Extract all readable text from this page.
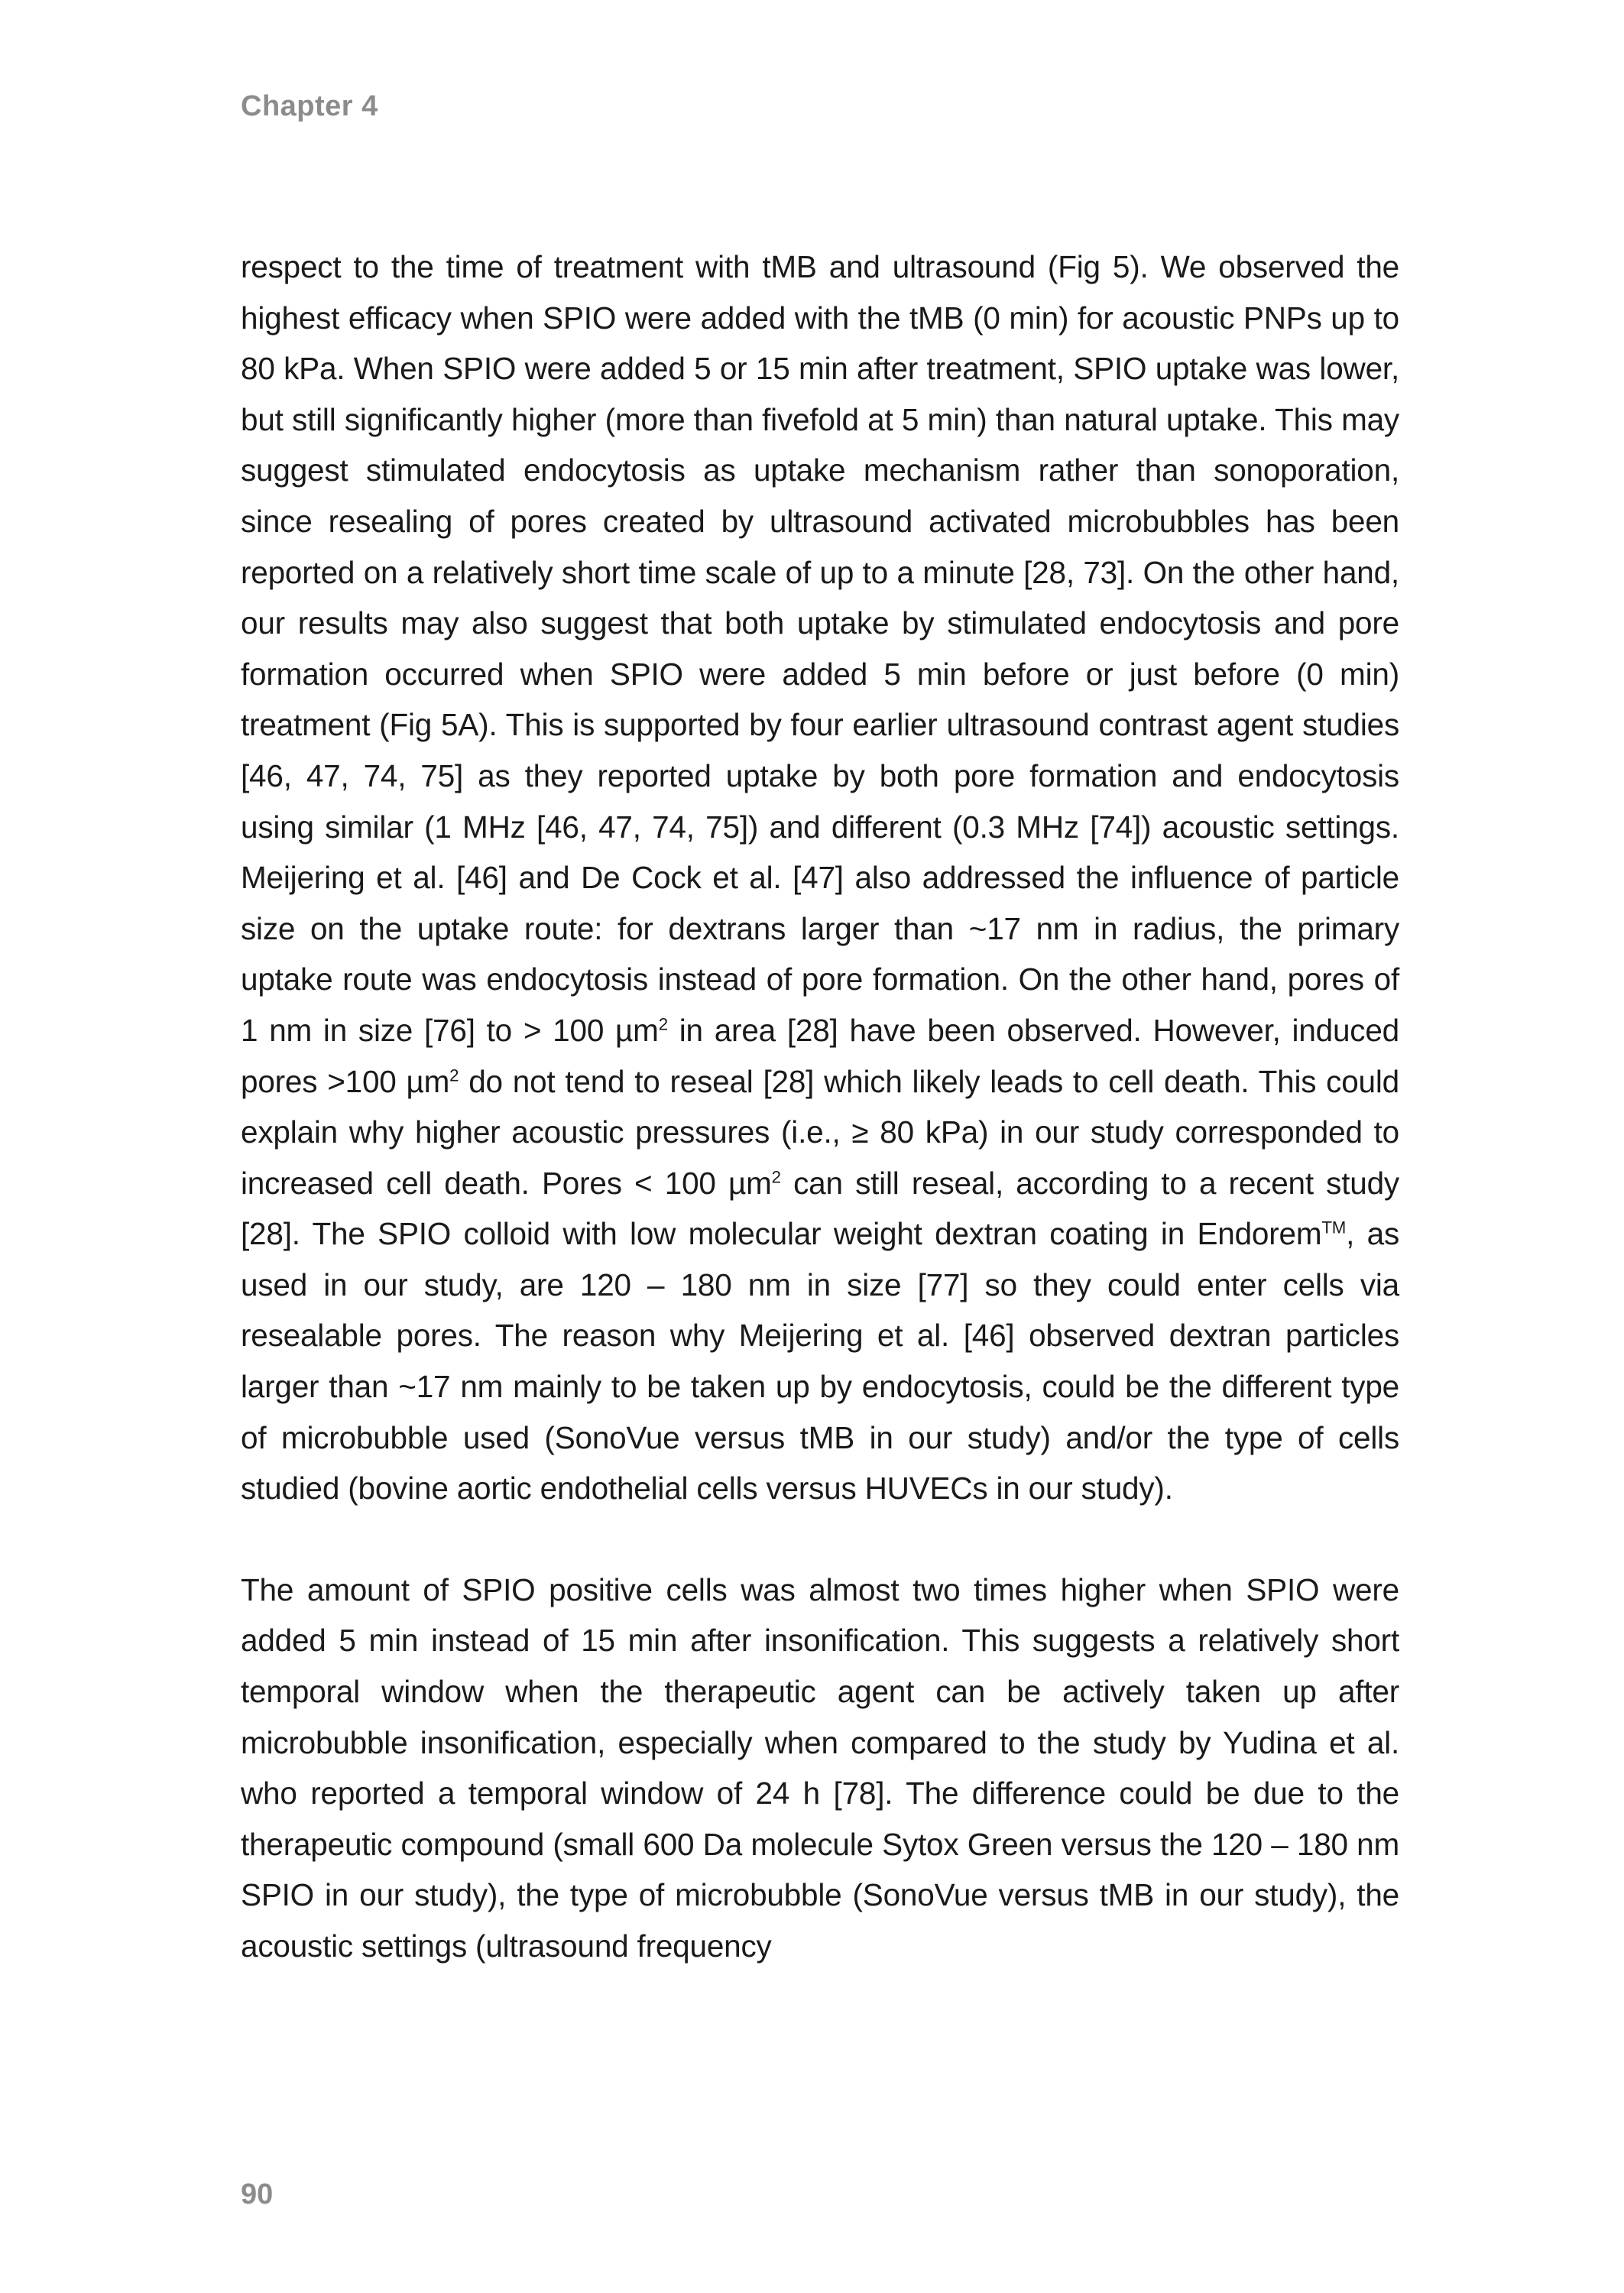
Chapter 4

respect to the time of treatment with tMB and ultrasound (Fig 5). We observed the highest efficacy when SPIO were added with the tMB (0 min) for acoustic PNPs up to 80 kPa. When SPIO were added 5 or 15 min after treatment, SPIO uptake was lower, but still significantly higher (more than fivefold at 5 min) than natural uptake. This may suggest stimulated endocytosis as uptake mechanism rather than sonoporation, since resealing of pores created by ultrasound activated microbubbles has been reported on a relatively short time scale of up to a minute [28, 73]. On the other hand, our results may also suggest that both uptake by stimulated endocytosis and pore formation occurred when SPIO were added 5 min before or just before (0 min) treatment (Fig 5A). This is supported by four earlier ultrasound contrast agent studies [46, 47, 74, 75] as they reported uptake by both pore formation and endocytosis using similar (1 MHz [46, 47, 74, 75]) and different (0.3 MHz [74]) acoustic settings. Meijering et al. [46] and De Cock et al. [47] also addressed the influence of particle size on the uptake route: for dextrans larger than ~17 nm in radius, the primary uptake route was endocytosis instead of pore formation. On the other hand, pores of 1 nm in size [76] to > 100 µm$^2$ in area [28] have been observed. However, induced pores >100 µm$^2$ do not tend to reseal [28] which likely leads to cell death. This could explain why higher acoustic pressures (i.e., ≥ 80 kPa) in our study corresponded to increased cell death. Pores < 100 µm$^2$ can still reseal, according to a recent study [28]. The SPIO colloid with low molecular weight dextran coating in Endorem™, as used in our study, are 120 – 180 nm in size [77] so they could enter cells via resealable pores. The reason why Meijering et al. [46] observed dextran particles larger than ~17 nm mainly to be taken up by endocytosis, could be the different type of microbubble used (SonoVue versus tMB in our study) and/or the type of cells studied (bovine aortic endothelial cells versus HUVECs in our study).

The amount of SPIO positive cells was almost two times higher when SPIO were added 5 min instead of 15 min after insonification. This suggests a relatively short temporal window when the therapeutic agent can be actively taken up after microbubble insonification, especially when compared to the study by Yudina et al. who reported a temporal window of 24 h [78]. The difference could be due to the therapeutic compound (small 600 Da molecule Sytox Green versus the 120 – 180 nm SPIO in our study), the type of microbubble (SonoVue versus tMB in our study), the acoustic settings (ultrasound frequency

90
